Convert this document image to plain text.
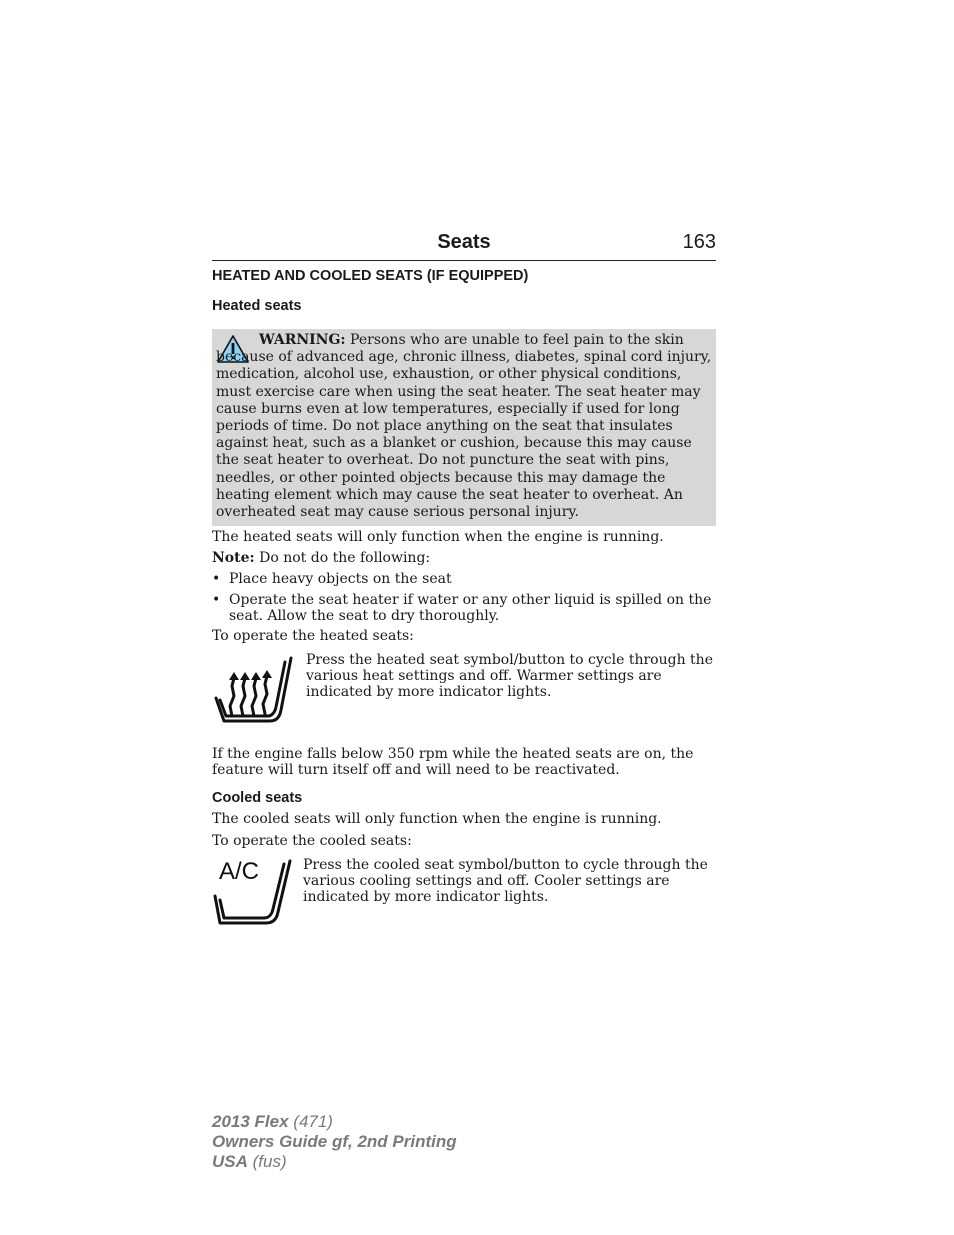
Seats	163
HEATED AND COOLED SEATS (IF EQUIPPED)
Heated seats
WARNING: Persons who are unable to feel pain to the skin because of advanced age, chronic illness, diabetes, spinal cord injury, medication, alcohol use, exhaustion, or other physical conditions, must exercise care when using the seat heater. The seat heater may cause burns even at low temperatures, especially if used for long periods of time. Do not place anything on the seat that insulates against heat, such as a blanket or cushion, because this may cause the seat heater to overheat. Do not puncture the seat with pins, needles, or other pointed objects because this may damage the heating element which may cause the seat heater to overheat. An overheated seat may cause serious personal injury.
The heated seats will only function when the engine is running.
Note: Do not do the following:
• Place heavy objects on the seat
• Operate the seat heater if water or any other liquid is spilled on the seat. Allow the seat to dry thoroughly.
To operate the heated seats:
Press the heated seat symbol/button to cycle through the various heat settings and off. Warmer settings are indicated by more indicator lights.
If the engine falls below 350 rpm while the heated seats are on, the feature will turn itself off and will need to be reactivated.
Cooled seats
The cooled seats will only function when the engine is running.
To operate the cooled seats:
A/C	Press the cooled seat symbol/button to cycle through the various cooling settings and off. Cooler settings are indicated by more indicator lights.
2013 Flex (471)
Owners Guide gf, 2nd Printing
USA (fus)
